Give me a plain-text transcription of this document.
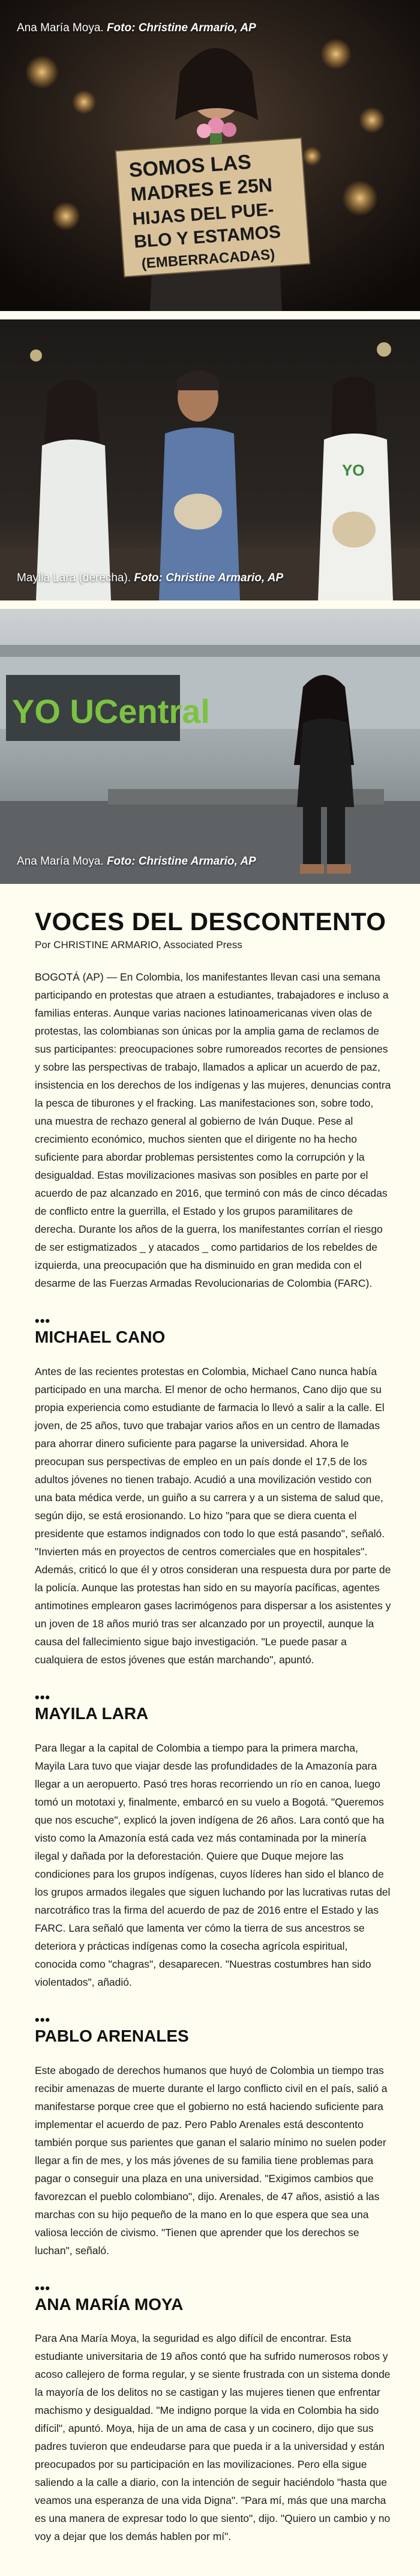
SOMOS LAS
MADRES E 25N
HIJAS DEL PUE-
BLO Y ESTAMOS
(EMBERRACADAS)
Ana María Moya. Foto: Christine Armario, AP
YO
Mayila Lara (derecha). Foto: Christine Armario, AP
YO UCentral
Ana María Moya. Foto: Christine Armario, AP
VOCES DEL DESCONTENTO
Por CHRISTINE ARMARIO, Associated Press

BOGOTÁ (AP) — En Colombia, los manifestantes llevan casi una semana participando en protestas que atraen a estudiantes, trabajadores e incluso a familias enteras. Aunque varias naciones latinoamericanas viven olas de protestas, las colombianas son únicas por la amplia gama de reclamos de sus participantes: preocupaciones sobre rumoreados recortes de pensiones y sobre las perspectivas de trabajo, llamados a aplicar un acuerdo de paz, insistencia en los derechos de los indígenas y las mujeres, denuncias contra la pesca de tiburones y el fracking. Las manifestaciones son, sobre todo, una muestra de rechazo general al gobierno de Iván Duque. Pese al crecimiento económico, muchos sienten que el dirigente no ha hecho suficiente para abordar problemas persistentes como la corrupción y la desigualdad. Estas movilizaciones masivas son posibles en parte por el acuerdo de paz alcanzado en 2016, que terminó con más de cinco décadas de conflicto entre la guerrilla, el Estado y los grupos paramilitares de derecha. Durante los años de la guerra, los manifestantes corrían el riesgo de ser estigmatizados _ y atacados _ como partidarios de los rebeldes de izquierda, una preocupación que ha disminuido en gran medida con el desarme de las Fuerzas Armadas Revolucionarias de Colombia (FARC).

•••
MICHAEL CANO

Antes de las recientes protestas en Colombia, Michael Cano nunca había participado en una marcha. El menor de ocho hermanos, Cano dijo que su propia experiencia como estudiante de farmacia lo llevó a salir a la calle. El joven, de 25 años, tuvo que trabajar varios años en un centro de llamadas para ahorrar dinero suficiente para pagarse la universidad. Ahora le preocupan sus perspectivas de empleo en un país donde el 17,5 de los adultos jóvenes no tienen trabajo. Acudió a una movilización vestido con una bata médica verde, un guiño a su carrera y a un sistema de salud que, según dijo, se está erosionando. Lo hizo "para que se diera cuenta el presidente que estamos indignados con todo lo que está pasando", señaló. "Invierten más en proyectos de centros comerciales que en hospitales". Además, criticó lo que él y otros consideran una respuesta dura por parte de la policía. Aunque las protestas han sido en su mayoría pacíficas, agentes antimotines emplearon gases lacrimógenos para dispersar a los asistentes y un joven de 18 años murió tras ser alcanzado por un proyectil, aunque la causa del fallecimiento sigue bajo investigación. "Le puede pasar a cualquiera de estos jóvenes que están marchando", apuntó.

•••
MAYILA LARA

Para llegar a la capital de Colombia a tiempo para la primera marcha, Mayila Lara tuvo que viajar desde las profundidades de la Amazonía para llegar a un aeropuerto. Pasó tres horas recorriendo un río en canoa, luego tomó un mototaxi y, finalmente, embarcó en su vuelo a Bogotá. "Queremos que nos escuche", explicó la joven indígena de 26 años. Lara contó que ha visto como la Amazonía está cada vez más contaminada por la minería ilegal y dañada por la deforestación. Quiere que Duque mejore las condiciones para los grupos indígenas, cuyos líderes han sido el blanco de los grupos armados ilegales que siguen luchando por las lucrativas rutas del narcotráfico tras la firma del acuerdo de paz de 2016 entre el Estado y las FARC. Lara señaló que lamenta ver cómo la tierra de sus ancestros se deteriora y prácticas indígenas como la cosecha agrícola espiritual, conocida como "chagras", desaparecen. "Nuestras costumbres han sido violentados", añadió.

•••
PABLO ARENALES

Este abogado de derechos humanos que huyó de Colombia un tiempo tras recibir amenazas de muerte durante el largo conflicto civil en el país, salió a manifestarse porque cree que el gobierno no está haciendo suficiente para implementar el acuerdo de paz. Pero Pablo Arenales está descontento también porque sus parientes que ganan el salario mínimo no suelen poder llegar a fin de mes, y los más jóvenes de su familia tiene problemas para pagar o conseguir una plaza en una universidad. "Exigimos cambios que favorezcan el pueblo colombiano", dijo. Arenales, de 47 años, asistió a las marchas con su hijo pequeño de la mano en lo que espera que sea una valiosa lección de civismo. "Tienen que aprender que los derechos se luchan", señaló.

•••
ANA MARÍA MOYA

Para Ana María Moya, la seguridad es algo difícil de encontrar. Esta estudiante universitaria de 19 años contó que ha sufrido numerosos robos y acoso callejero de forma regular, y se siente frustrada con un sistema donde la mayoría de los delitos no se castigan y las mujeres tienen que enfrentar machismo y desigualdad. "Me indigno porque la vida en Colombia ha sido difícil", apuntó. Moya, hija de un ama de casa y un cocinero, dijo que sus padres tuvieron que endeudarse para que pueda ir a la universidad y están preocupados por su participación en las movilizaciones. Pero ella sigue saliendo a la calle a diario, con la intención de seguir haciéndolo "hasta que veamos una esperanza de una vida Digna". "Para mí, más que una marcha es una manera de expresar todo lo que siento", dijo. "Quiero un cambio y no voy a dejar que los demás hablen por mí".
